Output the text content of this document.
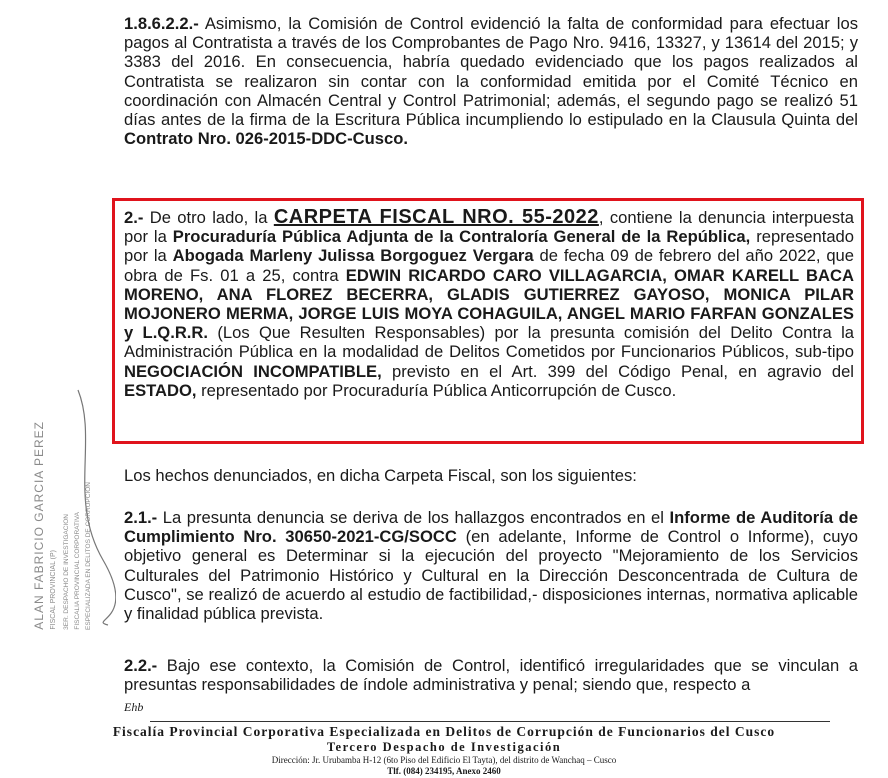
1.8.6.2.2.- Asimismo, la Comisión de Control evidenció la falta de conformidad para efectuar los pagos al Contratista a través de los Comprobantes de Pago Nro. 9416, 13327, y 13614 del 2015; y 3383 del 2016. En consecuencia, habría quedado evidenciado que los pagos realizados al Contratista se realizaron sin contar con la conformidad emitida por el Comité Técnico en coordinación con Almacén Central y Control Patrimonial; además, el segundo pago se realizó 51 días antes de la firma de la Escritura Pública incumpliendo lo estipulado en la Clausula Quinta del Contrato Nro. 026-2015-DDC-Cusco.

2.- De otro lado, la CARPETA FISCAL NRO. 55-2022, contiene la denuncia interpuesta por la Procuraduría Pública Adjunta de la Contraloría General de la República, representado por la Abogada Marleny Julissa Borgoguez Vergara de fecha 09 de febrero del año 2022, que obra de Fs. 01 a 25, contra EDWIN RICARDO CARO VILLAGARCIA, OMAR KARELL BACA MORENO, ANA FLOREZ BECERRA, GLADIS GUTIERREZ GAYOSO, MONICA PILAR MOJONERO MERMA, JORGE LUIS MOYA COHAGUILA, ANGEL MARIO FARFAN GONZALES y L.Q.R.R. (Los Que Resulten Responsables) por la presunta comisión del Delito Contra la Administración Pública en la modalidad de Delitos Cometidos por Funcionarios Públicos, sub-tipo NEGOCIACIÓN INCOMPATIBLE, previsto en el Art. 399 del Código Penal, en agravio del ESTADO, representado por Procuraduría Pública Anticorrupción de Cusco.

Los hechos denunciados, en dicha Carpeta Fiscal, son los siguientes:

2.1.- La presunta denuncia se deriva de los hallazgos encontrados en el Informe de Auditoría de Cumplimiento Nro. 30650-2021-CG/SOCC (en adelante, Informe de Control o Informe), cuyo objetivo general es Determinar si la ejecución del proyecto "Mejoramiento de los Servicios Culturales del Patrimonio Histórico y Cultural en la Dirección Desconcentrada de Cultura de Cusco", se realizó de acuerdo al estudio de factibilidad,- disposiciones internas, normativa aplicable y finalidad pública prevista.

2.2.- Bajo ese contexto, la Comisión de Control, identificó irregularidades que se vinculan a presuntas responsabilidades de índole administrativa y penal; siendo que, respecto a

Ehb
ALAN FABRICIO GARCIA PEREZ FISCAL PROVINCIAL (P) 3ER. DESPACHO DE INVESTIGACION FISCALIA PROVINCIAL CORPORATIVA ESPECIALIZADA EN DELITOS DE CORRUPCION
Fiscalía Provincial Corporativa Especializada en Delitos de Corrupción de Funcionarios del Cusco
Tercero Despacho de Investigación
Dirección: Jr. Urubamba H-12 (6to Piso del Edificio El Tayta), del distrito de Wanchaq – Cusco
Tlf. (084) 234195, Anexo 2460
